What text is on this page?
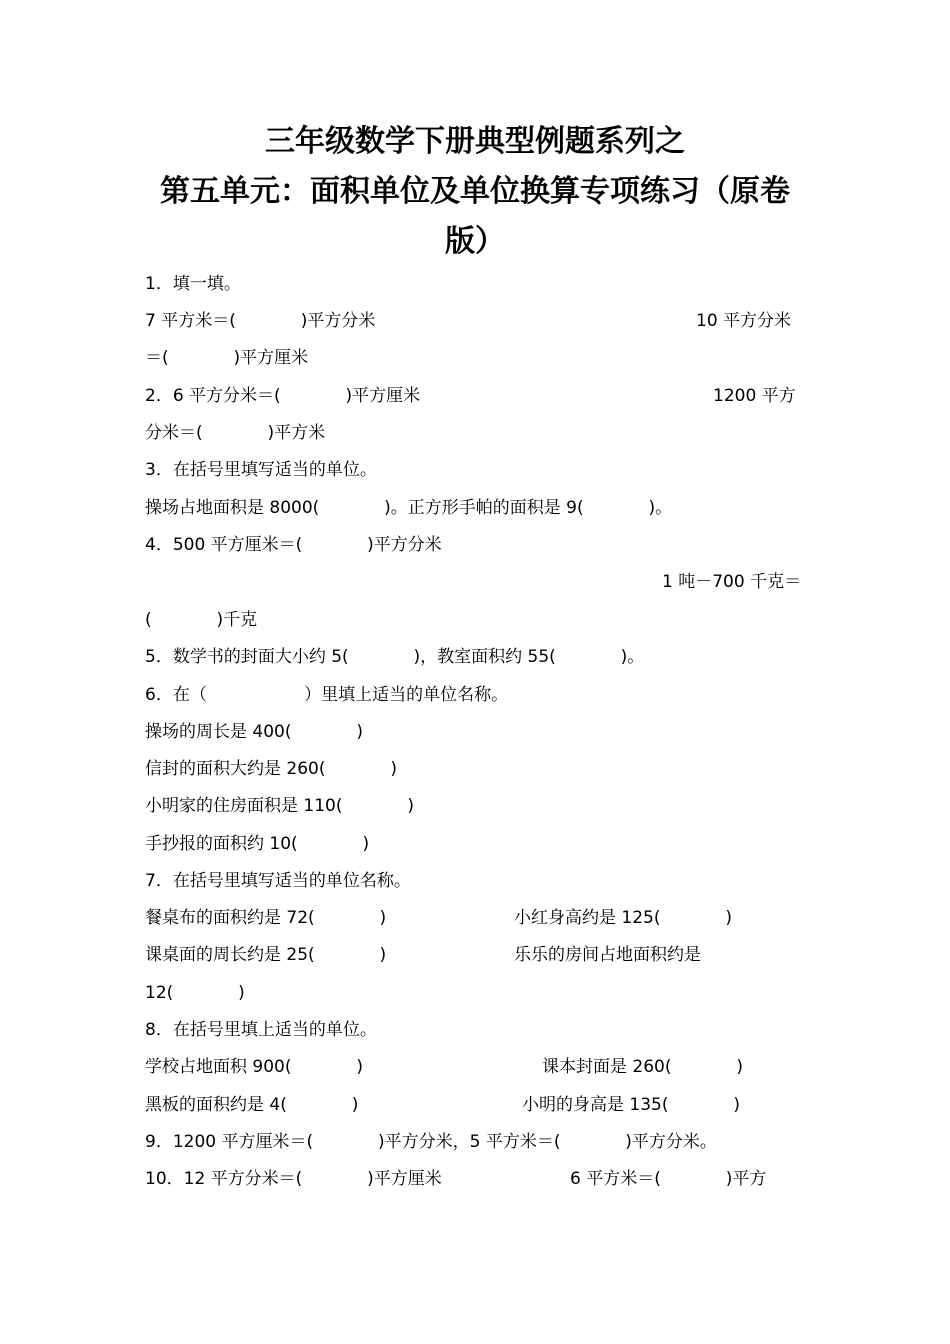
三年级数学下册典型例题系列之
第五单元：面积单位及单位换算专项练习（原卷
版）
1．填一填。
7 平方米＝(            )平方分米	10 平方分米
＝(            )平方厘米
2．6 平方分米＝(            )平方厘米	1200 平方
分米＝(            )平方米
3．在括号里填写适当的单位。
操场占地面积是 8000(            )。正方形手帕的面积是 9(            )。
4．500 平方厘米＝(            )平方分米
1 吨－700 千克＝
(            )千克
5．数学书的封面大小约 5(            )，教室面积约 55(            )。
6．在（                  ）里填上适当的单位名称。
操场的周长是 400(            )
信封的面积大约是 260(            )
小明家的住房面积是 110(            )
手抄报的面积约 10(            )
7．在括号里填写适当的单位名称。
餐桌布的面积约是 72(            )	小红身高约是 125(            )
课桌面的周长约是 25(            )	乐乐的房间占地面积约是
12(            )
8．在括号里填上适当的单位。
学校占地面积 900(            )	课本封面是 260(            )
黑板的面积约是 4(            )	小明的身高是 135(            )
9．1200 平方厘米＝(            )平方分米，5 平方米＝(            )平方分米。
10．12 平方分米＝(            )平方厘米	6 平方米＝(            )平方
